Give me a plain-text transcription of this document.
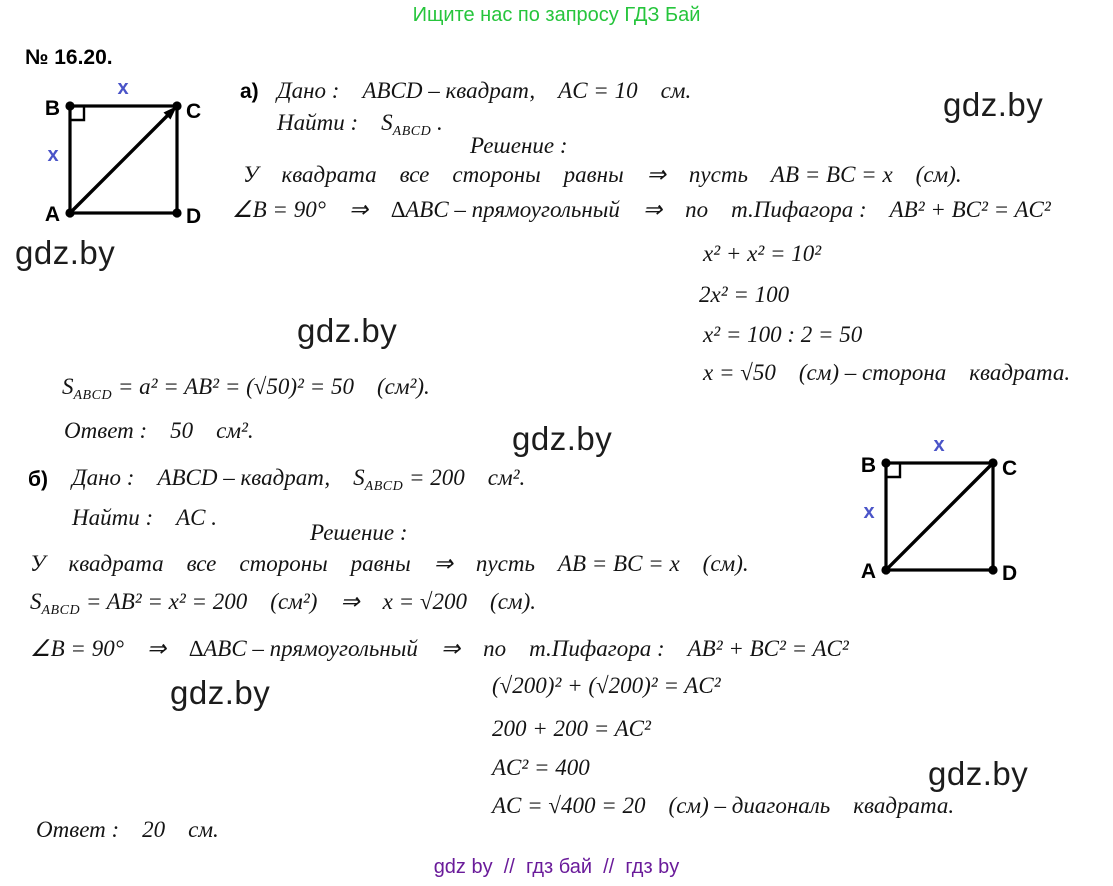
Ищите нас по запросу ГДЗ Бай
№ 16.20.
B	C
A	D
x
x
а) Дано :    ABCD – квадрат,    AC = 10    см.
Найти :    $S_{ABCD}$ .
Решение :
У    квадрата    все    стороны    равны    ⇒    пусть    AB = BC = x    (см).
∠B = 90°    ⇒    ∆ABC – прямоугольный    ⇒    по    т.Пифагора :    AB² + BC² = AC²
x² + x² = 10²
2x² = 100
x² = 100 : 2 = 50
x = √50    (см) – сторона    квадрата.
$S_{ABCD} = a^2 = AB^2 = (√50)^2 = 50$    (см²).
Ответ :    50    см².
б) Дано :    ABCD – квадрат,    $S_{ABCD} = 200$    см².
Найти :    AC .
Решение :
У    квадрата    все    стороны    равны    ⇒    пусть    AB = BC = x    (см).
$S_{ABCD} = AB^2 = x^2 = 200$    (см²)    ⇒    x = √200    (см).
∠B = 90°    ⇒    ∆ABC – прямоугольный    ⇒    по    т.Пифагора :    AB² + BC² = AC²
(√200)² + (√200)² = AC²
200 + 200 = AC²
AC² = 400
AC = √400 = 20    (см) – диагональ    квадрата.
Ответ :    20    см.
B	C
A	D
x
x
gdz.by
gdz.by
gdz.by
gdz.by
gdz.by
gdz.by
gdz by  //  гдз бай  //  гдз by
